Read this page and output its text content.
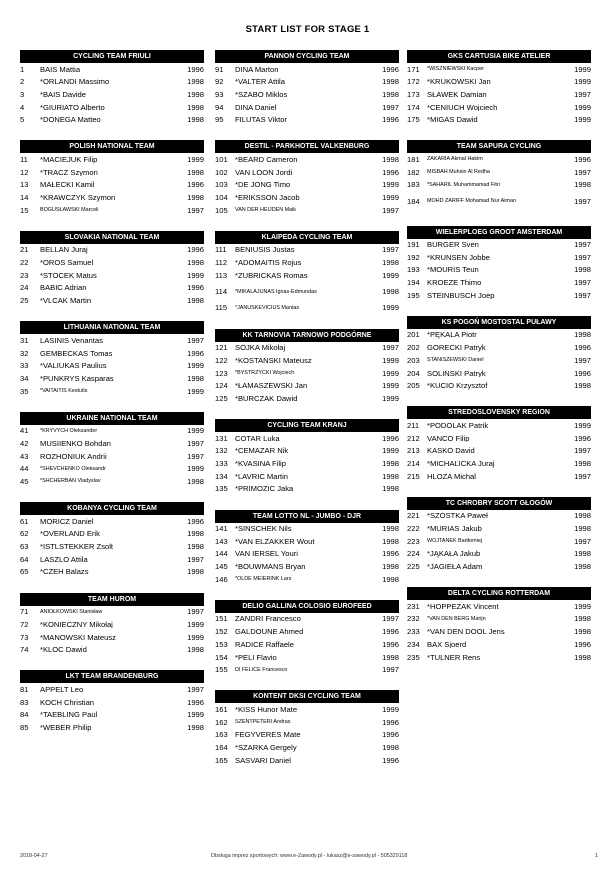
START LIST FOR STAGE 1
CYCLING TEAM FRIULI
1	BAIS Mattia	1996
2	*ORLANDI Massimo	1998
3	*BAIS Davide	1998
4	*GIURIATO Alberto	1998
5	*DONEGA Matteo	1998
POLISH NATIONAL TEAM
11	*MACIEJUK Filip	1999
12	*TRACZ Szymon	1998
13	MAŁECKI Kamil	1996
14	*KRAWCZYK Szymon	1998
15	BOGUSŁAWSKI Marceli	1997
SLOVAKIA NATIONAL TEAM
21	BELLAN Juraj	1996
22	*OROS Samuel	1998
23	*STOCEK Matus	1999
24	BABIC Adrian	1996
25	*VLCAK Martin	1998
LITHUANIA NATIONAL TEAM
31	LASINIS Venantas	1997
32	GEMBECKAS Tomas	1996
33	*VALIUKAS Paulius	1999
34	*PUNKRYS Kasparas	1998
35	*VAITAITIS Kestutis	1999
UKRAINE NATIONAL TEAM
41	*KRYVYCH Oleksander	1999
42	MUSIIENKO Bohdan	1997
43	ROZHONIUK Andrii	1997
44	*SHEVCHENKO Oleksandr	1999
45	*SHCHERBAN Vladyslav	1998
KOBANYA CYCLING TEAM
61	MORICZ Daniel	1996
62	*OVERLAND Erik	1998
63	*ISTLSTEKKER Zsolt	1998
64	LASZLO Attila	1997
65	*CZEH Balazs	1998
TEAM HUROM
71	ANIOŁKOWSKI Stanisław	1997
72	*KONIECZNY Mikołaj	1999
73	*MANOWSKI Mateusz	1999
74	*KLOC Dawid	1998
LKT TEAM BRANDENBURG
81	APPELT Leo	1997
83	KOCH Christian	1996
84	*TAEBLING Paul	1999
85	*WEBER Philip	1998
PANNON CYCLING TEAM
91	DINA Marton	1996
92	*VALTER Attila	1998
93	*SZABO Miklos	1998
94	DINA Daniel	1997
95	FILUTAS Viktor	1996
DESTIL - PARKHOTEL VALKENBURG
101 *BEARD Cameron	1998
102 VAN LOON Jordi	1996
103 *DE JONG Timo	1999
104 *ERIKSSON Jacob	1999
105	VAN DER HEIJDEN Maik	1997
KLAIPEDA CYCLING TEAM
111	BENIUSIS Justas	1997
112	*ADOMAITIS Rojus	1998
113	*ZUBRICKAS Romas	1999
114	*MIKALAJUNAS Ignas-Edmundas	1998
115	*JANUSKEVICIUS Mantas	1999
KK TARNOVIA TARNOWO PODGÓRNE
121 SÓJKA Mikołaj	1997
122 *KOSTAŃSKI Mateusz	1999
123	*BYSTRZYCKI Wojciech	1999
124 *ŁAMASZEWSKI Jan	1999
125 *BURCZAK Dawid	1999
CYCLING TEAM KRANJ
131 COTAR Luka	1996
132 *CEMAZAR Nik	1999
133 *KVASINA Filip	1998
134 *LAVRIC Martin	1998
135 *PRIMOZIC Jaka	1998
TEAM LOTTO NL - JUMBO - DJR
141 *SINSCHEK Nils	1998
143 *VAN ELZAKKER Wout	1998
144 VAN IERSEL Youri	1996
145 *BOUWMANS Bryan	1998
146	*OLDE MEIERINK Lars	1998
DELIO GALLINA COLOSIO EUROFEED
151 ZANDRI Francesco	1997
152 GALDOUNE Ahmed	1996
153 RADICE Raffaele	1996
154 *PELI Flavio	1998
155	DI FELICE Francesco	1997
KONTENT DKSI CYCLING TEAM
161 *KISS Hunor Mate	1999
162	SZENTPETERI Andras	1996
163 FEGYVERES Mate	1996
164 *SZARKA Gergely	1998
165 SASVARI Daniel	1996
GKS CARTUSIA BIKE ATELIER
171	*WISZNIEWSKI Kacper	1999
172 *KRUKOWSKI Jan	1999
173 SŁAWEK Damian	1997
174 *CENIUCH Wojciech	1999
175 *MIGAS Dawid	1999
TEAM SAPURA CYCLING
181	ZAKARIA Akmal Hakim	1996
182	MISBAH Muhsin Al Redha	1997
183	*SAHARIL Muhammamad Fitri	1998
184	MOHD ZARIFF Mohamad Nur Aiman	1997
WIELERPLOEG GROOT AMSTERDAM
191 BURGER Sven	1997
192 *KRUNSEN Jobbe	1997
193 *MOURIS Teun	1998
194 KROEZE Thimo	1997
195 STEINBUSCH Joep	1997
KS POGOŃ MOSTOSTAL PUŁAWY
201 *PĘKALA Piotr	1998
202 GÓRECKI Patryk	1996
203	STANISZEWSKI Daniel	1997
204 SOLIŃSKI Patryk	1996
205 *KUCIO Krzysztof	1998
STREDOSLOVENSKY REGION
211	*PODOLAK Patrik	1999
212 VANCO Filip	1996
213 KASKO David	1997
214 *MICHALICKA Juraj	1998
215 HLOZA Michal	1997
TC CHROBRY SCOTT GŁOGÓW
221 *SZÓSTKA Paweł	1998
222 *MURIAS Jakub	1998
223	WOJTANEK Bartłomiej	1997
224 *JĄKAŁA Jakub	1998
225 *JAGIEŁA Adam	1998
DELTA CYCLING ROTTERDAM
231 *HOPPEZAK Vincent	1999
232	*VAN DEN BERG Marijn	1998
233 *VAN DEN DOOL Jens	1998
234 BAX Sjoerd	1996
235 *TULNER Rens	1998
2018-04-27	Obsługa imprez sportowych: www.e-Zawody.pl - lukasz@e-zawody.pl - 505329118	1
